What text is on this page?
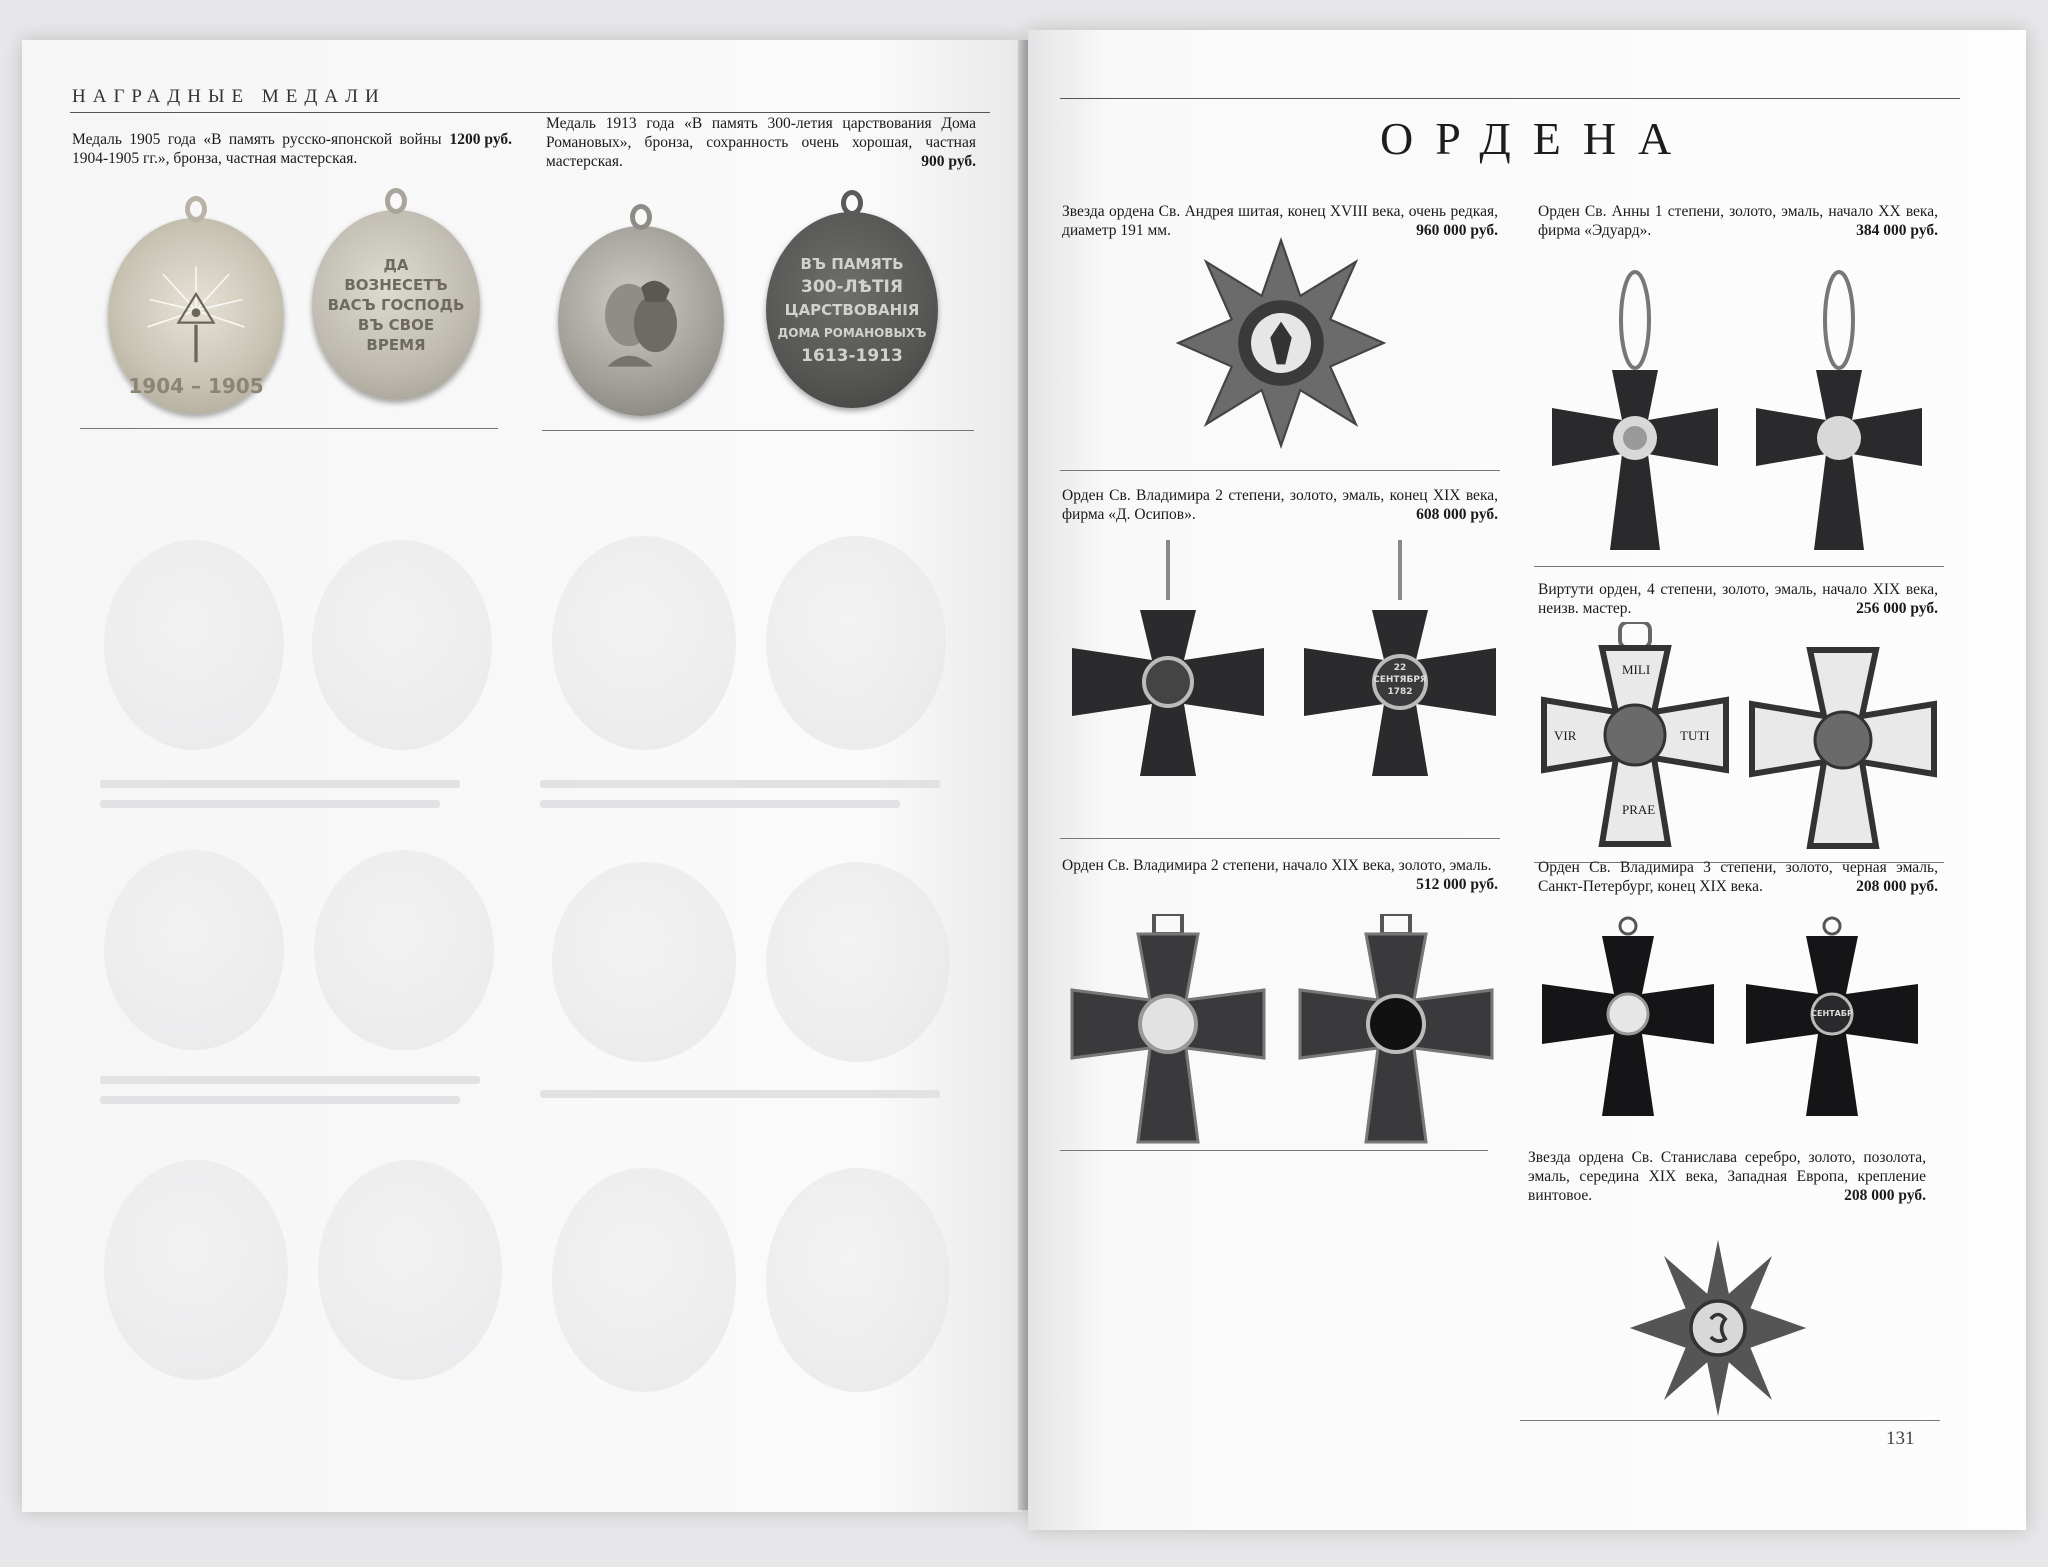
НАГРАДНЫЕ МЕДАЛИ
1200 руб.
Медаль 1905 года «В память русско-японской войны 1904-1905 гг.», бронза, частная мастерская.
Медаль 1913 года «В память 300-летия царствования Дома Романовых», бронза, сохранность очень хорошая, частная мастерская.	900 руб.
1904 – 1905
ДА
ВОЗНЕСЕТЪ
ВАСЪ ГОСПОДЬ
ВЪ СВОЕ
ВРЕМЯ
ВЪ ПАМЯТЬ
300-ЛѢТІЯ
ЦАРСТВОВАНІЯ
ДОМА РОМАНОВЫХЪ
1613-1913
ОРДЕНА
Звезда ордена Св. Андрея шитая, конец XVIII века, очень редкая, диаметр 191 мм.	960 000 руб.
Орден Св. Анны 1 степени, золото, эмаль, начало XX века, фирма «Эдуард».	384 000 руб.
Орден Св. Владимира 2 степени, золото, эмаль, конец XIX века, фирма «Д. Осипов».	608 000 руб.
22
СЕНТЯБРЯ
1782
Виртути орден, 4 степени, золото, эмаль, начало XIX века, неизв. мастер.	256 000 руб.
MILI
VIR	TUTI
PRAE
Орден Св. Владимира 2 степени, начало XIX века, золото, эмаль.
512 000 руб.
Орден Св. Владимира 3 степени, золото, черная эмаль, Санкт-Петербург, конец XIX века.	208 000 руб.
СЕНТАБР
Звезда ордена Св. Станислава серебро, золото, позолота, эмаль, середина XIX века, Западная Европа, крепление винтовое.	208 000 руб.
131
